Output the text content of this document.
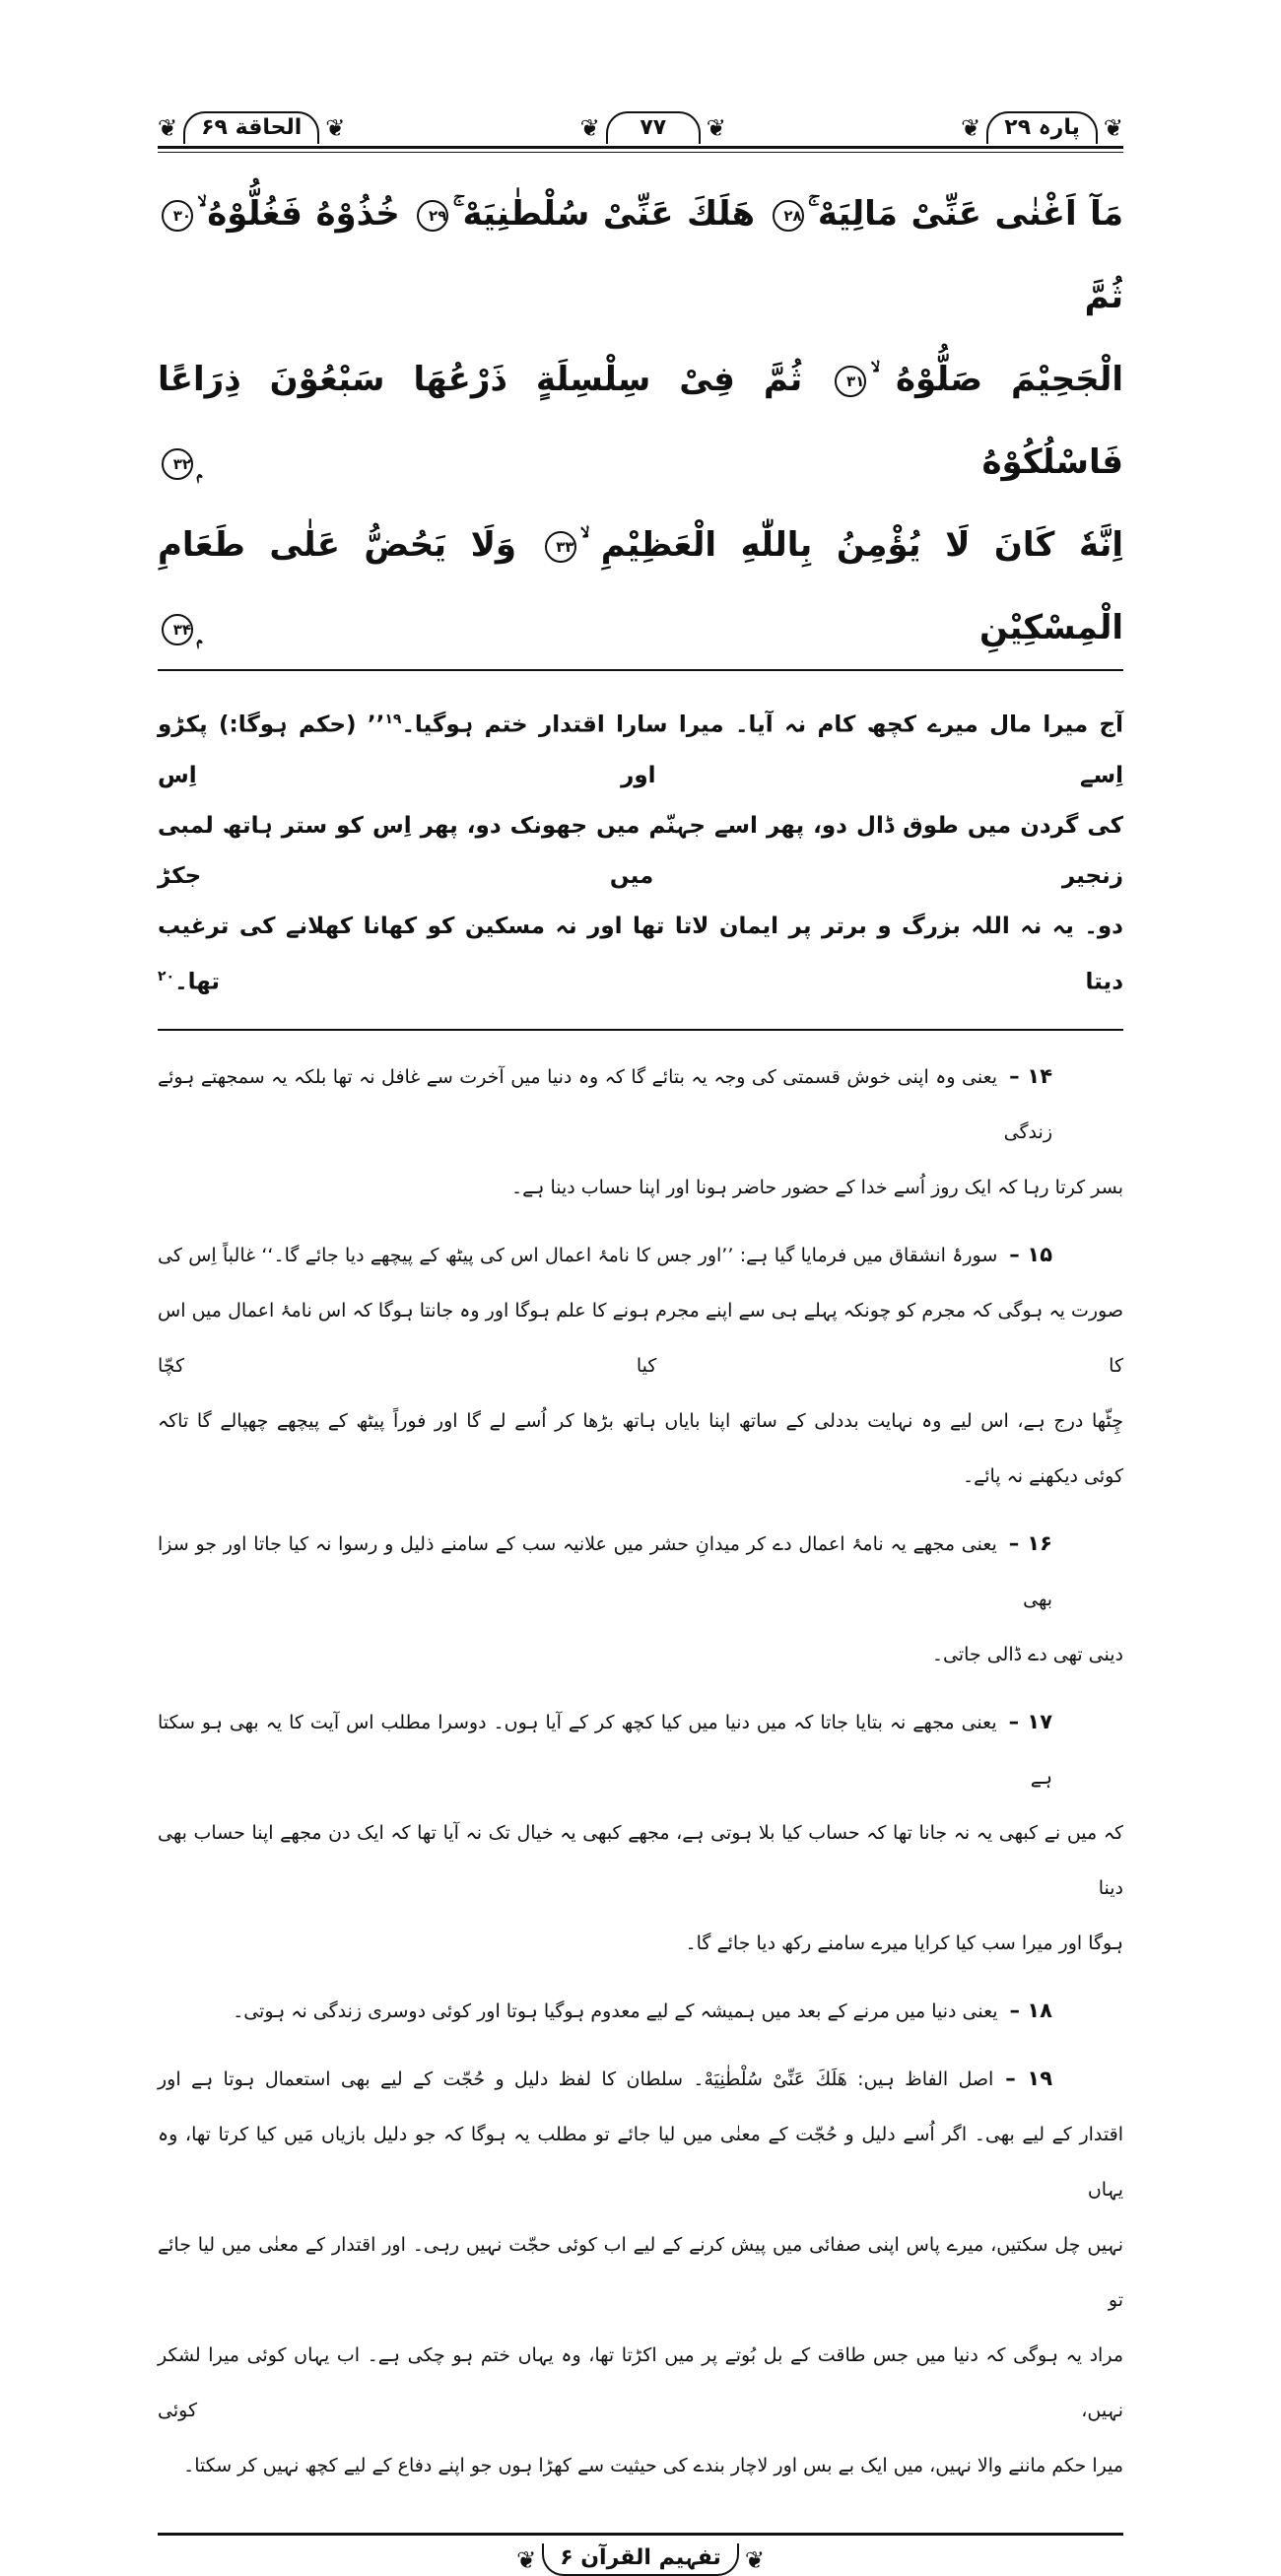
❦	الحاقة ۶۹	❦	❦	۷۷	❦	❦	پارہ ۲۹	❦
مَآ اَغْنٰى عَنِّىْ مَالِيَهْ ۚ۲۸ هَلَكَ عَنِّىْ سُلْطٰنِيَهْ ۚ۲۹ خُذُوْهُ فَغُلُّوْهُ ۙ۳۰ ثُمَّ
الْجَحِيْمَ صَلُّوْهُ ۙ۳۱ ثُمَّ فِىْ سِلْسِلَةٍ ذَرْعُهَا سَبْعُوْنَ ذِرَاعًا فَاسْلُكُوْهُ ۭ۳۲
اِنَّهٗ كَانَ لَا يُؤْمِنُ بِاللّٰهِ الْعَظِيْمِ ۙ۳۳ وَلَا يَحُضُّ عَلٰى طَعَامِ الْمِسْكِيْنِ ۭ۳۴
آج میرا مال میرے کچھ کام نہ آیا۔ میرا سارا اقتدار ختم ہوگیا۔$^{۱۹}$’’ (حکم ہوگا:) پکڑو اِسے اور اِس
کی گردن میں طوق ڈال دو، پھر اسے جہنّم میں جھونک دو، پھر اِس کو ستر ہاتھ لمبی زنجیر میں جکڑ
دو۔ یہ نہ اللہ بزرگ و برتر پر ایمان لاتا تھا اور نہ مسکین کو کھانا کھلانے کی ترغیب دیتا تھا۔$^{۲۰}$
۱۴ –یعنی وہ اپنی خوش قسمتی کی وجہ یہ بتائے گا کہ وہ دنیا میں آخرت سے غافل نہ تھا بلکہ یہ سمجھتے ہوئے زندگی
بسر کرتا رہا کہ ایک روز اُسے خدا کے حضور حاضر ہونا اور اپنا حساب دینا ہے۔
۱۵ –سورۂ انشقاق میں فرمایا گیا ہے: ’’اور جس کا نامۂ اعمال اس کی پیٹھ کے پیچھے دیا جائے گا۔‘‘ غالباً اِس کی
صورت یہ ہوگی کہ مجرم کو چونکہ پہلے ہی سے اپنے مجرم ہونے کا علم ہوگا اور وہ جانتا ہوگا کہ اس نامۂ اعمال میں اس کا کیا کچّا
چِٹّھا درج ہے، اس لیے وہ نہایت بددلی کے ساتھ اپنا بایاں ہاتھ بڑھا کر اُسے لے گا اور فوراً پیٹھ کے پیچھے چھپالے گا تاکہ
کوئی دیکھنے نہ پائے۔
۱۶ –یعنی مجھے یہ نامۂ اعمال دے کر میدانِ حشر میں علانیہ سب کے سامنے ذلیل و رسوا نہ کیا جاتا اور جو سزا بھی
دینی تھی دے ڈالی جاتی۔
۱۷ –یعنی مجھے نہ بتایا جاتا کہ میں دنیا میں کیا کچھ کر کے آیا ہوں۔ دوسرا مطلب اس آیت کا یہ بھی ہو سکتا ہے
کہ میں نے کبھی یہ نہ جانا تھا کہ حساب کیا بلا ہوتی ہے، مجھے کبھی یہ خیال تک نہ آیا تھا کہ ایک دن مجھے اپنا حساب بھی دینا
ہوگا اور میرا سب کیا کرایا میرے سامنے رکھ دیا جائے گا۔
۱۸ –یعنی دنیا میں مرنے کے بعد میں ہمیشہ کے لیے معدوم ہوگیا ہوتا اور کوئی دوسری زندگی نہ ہوتی۔
۱۹ –اصل الفاظ ہیں: هَلَكَ عَنِّىْ سُلْطٰنِيَهْ۔ سلطان کا لفظ دلیل و حُجّت کے لیے بھی استعمال ہوتا ہے اور
اقتدار کے لیے بھی۔ اگر اُسے دلیل و حُجّت کے معنٰی میں لیا جائے تو مطلب یہ ہوگا کہ جو دلیل بازیاں مَیں کیا کرتا تھا، وہ یہاں
نہیں چل سکتیں، میرے پاس اپنی صفائی میں پیش کرنے کے لیے اب کوئی حجّت نہیں رہی۔ اور اقتدار کے معنٰی میں لیا جائے تو
مراد یہ ہوگی کہ دنیا میں جس طاقت کے بل بُوتے پر میں اکڑتا تھا، وہ یہاں ختم ہو چکی ہے۔ اب یہاں کوئی میرا لشکر نہیں، کوئی
میرا حکم ماننے والا نہیں، میں ایک بے بس اور لاچار بندے کی حیثیت سے کھڑا ہوں جو اپنے دفاع کے لیے کچھ نہیں کر سکتا۔
❦	تفہیم القرآن ۶	❦
